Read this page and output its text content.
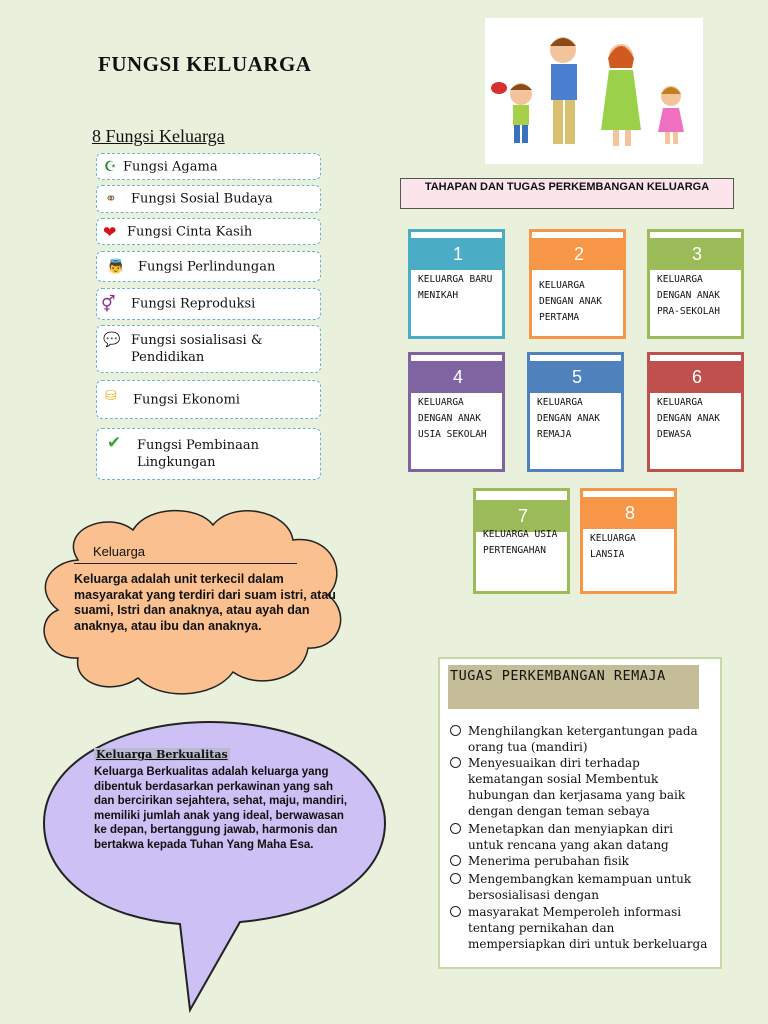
FUNGSI KELUARGA
8 Fungsi Keluarga
☪ Fungsi Agama
⚭ Fungsi Sosial Budaya
❤ Fungsi Cinta Kasih
👼 Fungsi Perlindungan
⚥ Fungsi Reproduksi
💬 Fungsi sosialisasi & Pendidikan
⛁ Fungsi Ekonomi
✔ Fungsi Pembinaan Lingkungan
TAHAPAN DAN TUGAS PERKEMBANGAN KELUARGA
1
KELUARGA BARU MENIKAH
2
KELUARGA DENGAN ANAK PERTAMA
3
KELUARGA DENGAN ANAK PRA-SEKOLAH
4
KELUARGA DENGAN ANAK USIA SEKOLAH
5
KELUARGA DENGAN ANAK REMAJA
6
KELUARGA DENGAN ANAK DEWASA
7
KELUARGA USIA PERTENGAHAN
8
KELUARGA LANSIA
Keluarga
Keluarga adalah unit terkecil dalam masyarakat yang terdiri dari suam istri, atau suami, Istri dan anaknya, atau ayah dan anaknya, atau ibu dan anaknya.
Keluarga Berkualitas
Keluarga Berkualitas adalah keluarga yang dibentuk berdasarkan perkawinan yang sah dan bercirikan sejahtera, sehat, maju, mandiri, memiliki jumlah anak yang ideal, berwawasan ke depan, bertanggung jawab, harmonis dan bertakwa kepada Tuhan Yang Maha Esa.
TUGAS PERKEMBANGAN REMAJA
Menghilangkan ketergantungan pada orang tua (mandiri)
Menyesuaikan diri terhadap kematangan sosial Membentuk hubungan dan kerjasama yang baik dengan dengan teman sebaya
Menetapkan dan menyiapkan diri untuk rencana yang akan datang
Menerima perubahan fisik
Mengembangkan kemampuan untuk bersosialisasi dengan
masyarakat Memperoleh informasi tentang pernikahan dan mempersiapkan diri untuk berkeluarga
